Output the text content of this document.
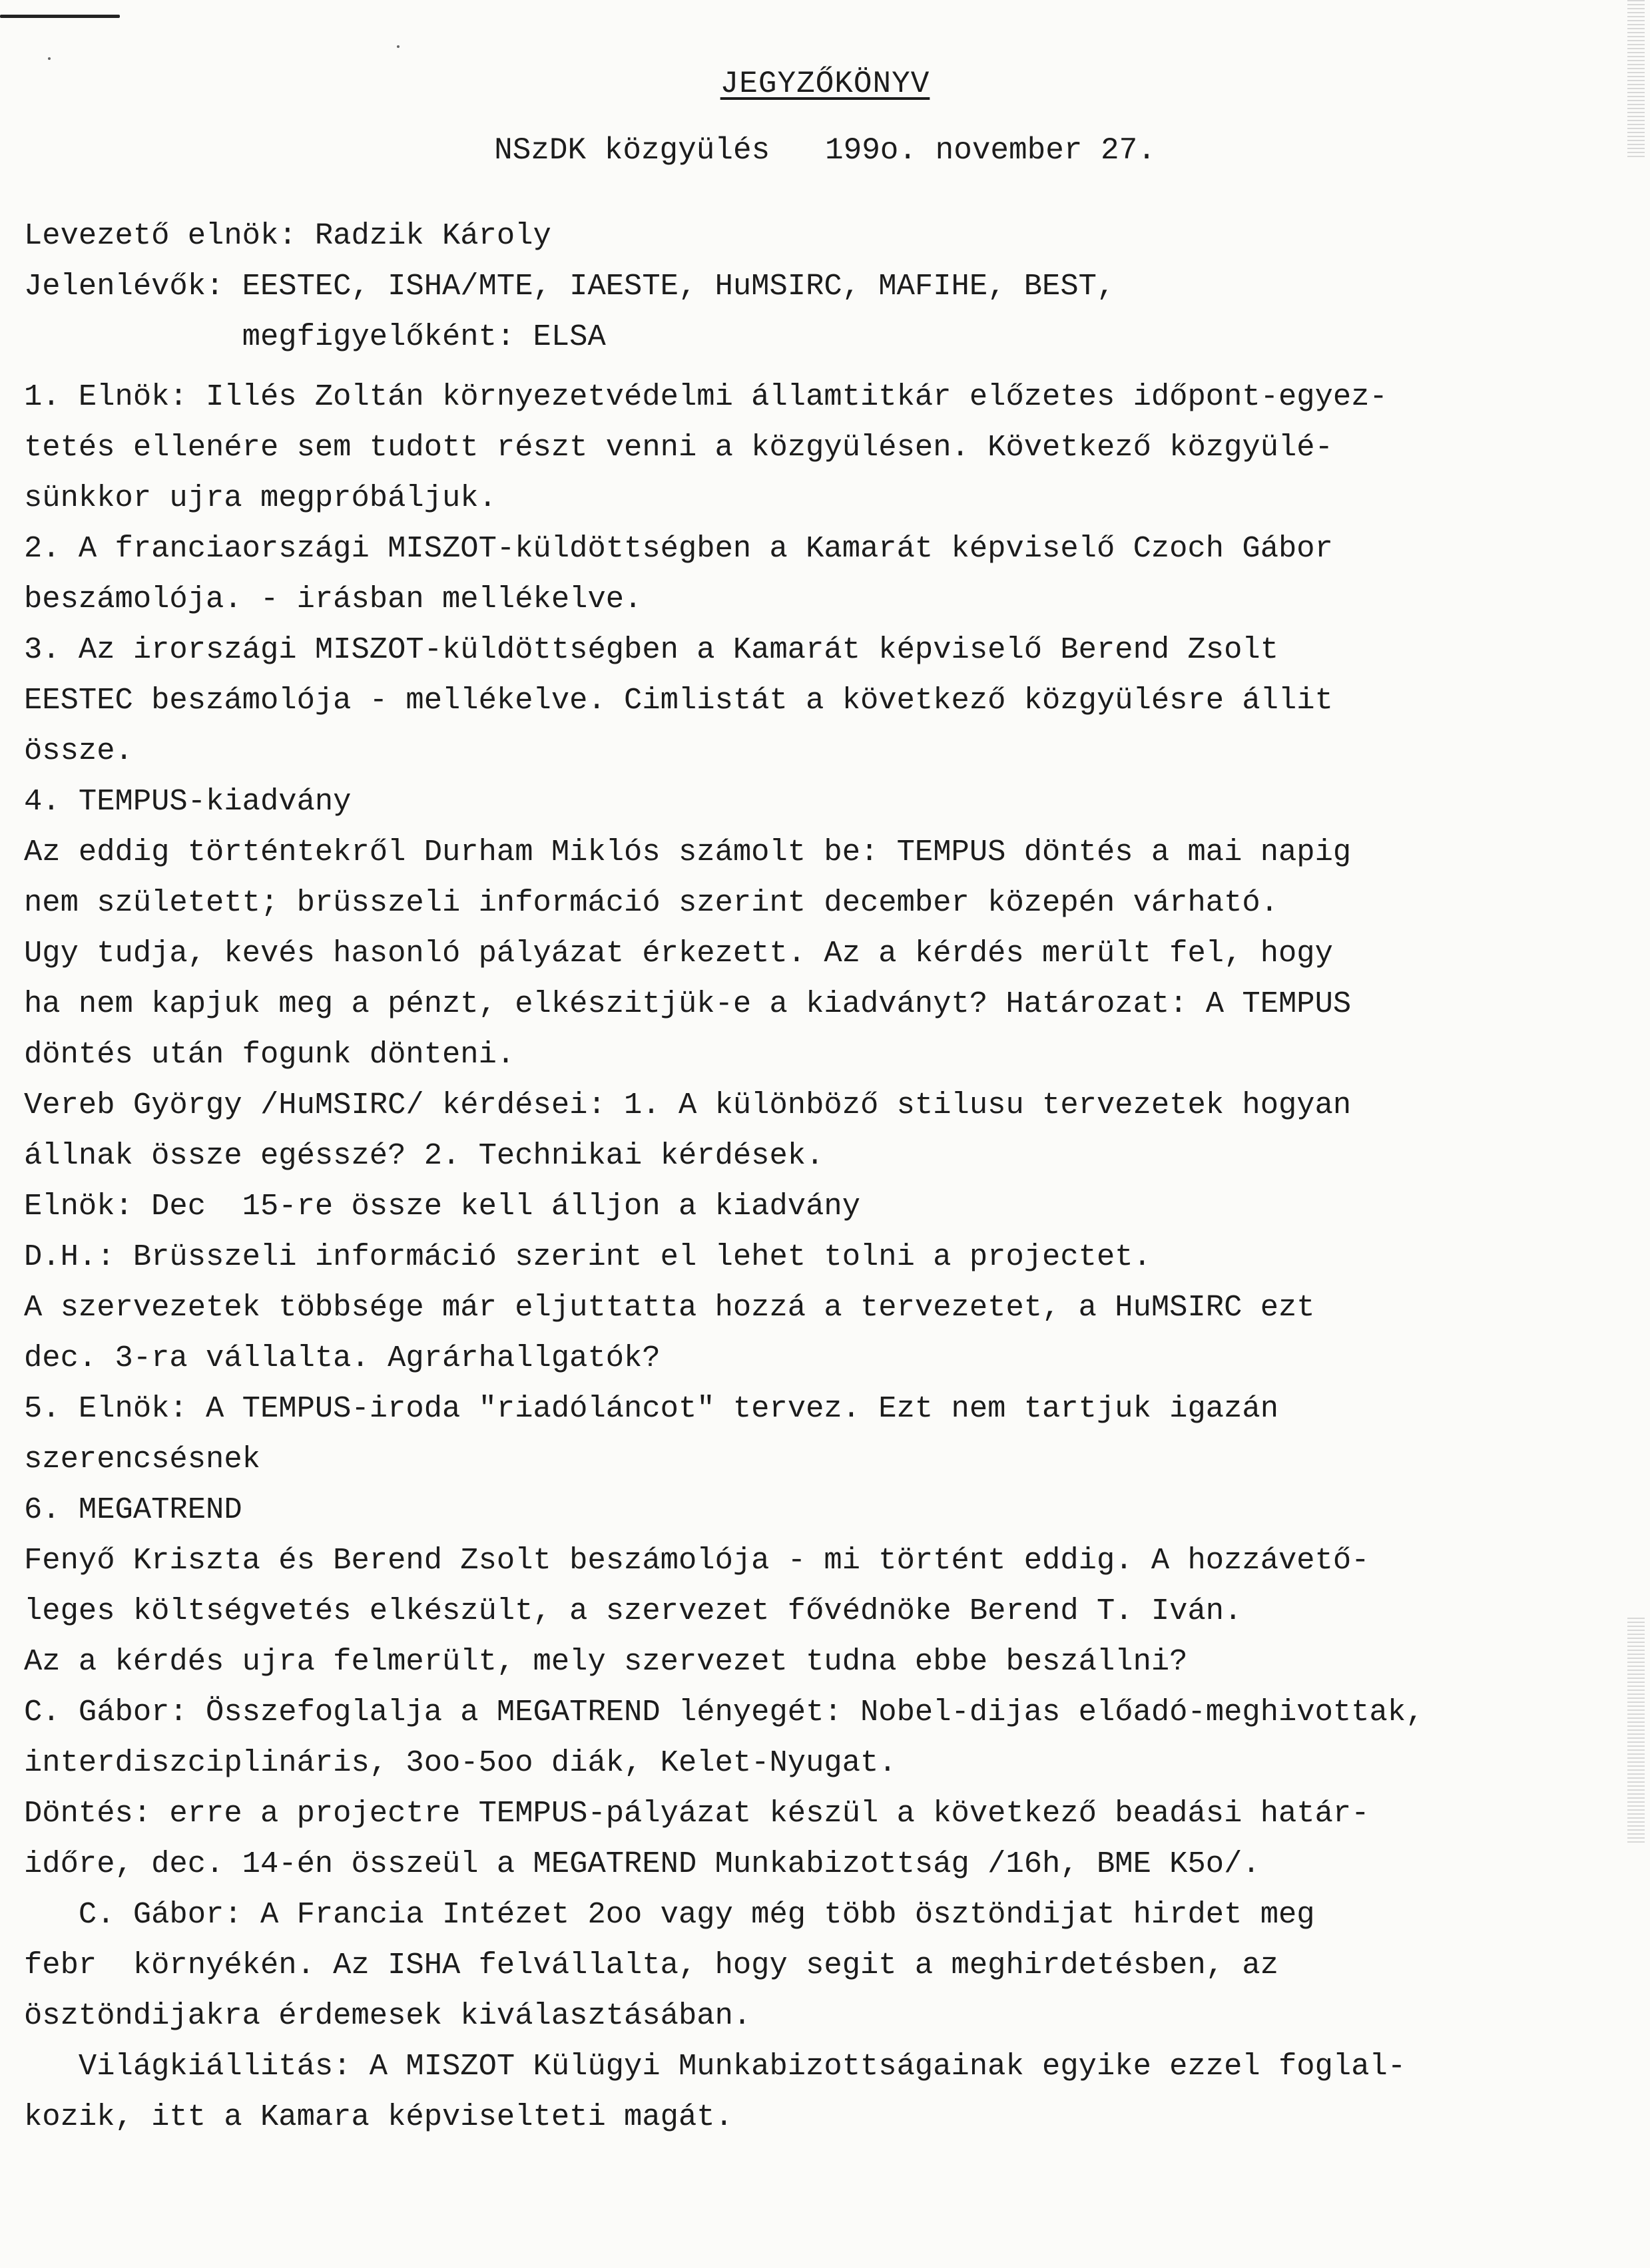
JEGYZŐKÖNYV
NSzDK közgyülés   199o. november 27.
Levezető elnök: Radzik Károly
Jelenlévők: EESTEC, ISHA/MTE, IAESTE, HuMSIRC, MAFIHE, BEST,
megfigyelőként: ELSA
1. Elnök: Illés Zoltán környezetvédelmi államtitkár előzetes időpont-egyez-
tetés ellenére sem tudott részt venni a közgyülésen. Következő közgyülé-
sünkkor ujra megpróbáljuk.
2. A franciaországi MISZOT-küldöttségben a Kamarát képviselő Czoch Gábor
beszámolója. - irásban mellékelve.
3. Az irországi MISZOT-küldöttségben a Kamarát képviselő Berend Zsolt
EESTEC beszámolója - mellékelve. Cimlistát a következő közgyülésre állit
össze.
4. TEMPUS-kiadvány
Az eddig történtekről Durham Miklós számolt be: TEMPUS döntés a mai napig
nem született; brüsszeli információ szerint december közepén várható.
Ugy tudja, kevés hasonló pályázat érkezett. Az a kérdés merült fel, hogy
ha nem kapjuk meg a pénzt, elkészitjük-e a kiadványt? Határozat: A TEMPUS
döntés után fogunk dönteni.
Vereb György /HuMSIRC/ kérdései: 1. A különböző stilusu tervezetek hogyan
állnak össze egésszé? 2. Technikai kérdések.
Elnök: Dec  15-re össze kell álljon a kiadvány
D.H.: Brüsszeli információ szerint el lehet tolni a projectet.
A szervezetek többsége már eljuttatta hozzá a tervezetet, a HuMSIRC ezt
dec. 3-ra vállalta. Agrárhallgatók?
5. Elnök: A TEMPUS-iroda "riadóláncot" tervez. Ezt nem tartjuk igazán
szerencsésnek
6. MEGATREND
Fenyő Kriszta és Berend Zsolt beszámolója - mi történt eddig. A hozzávető-
leges költségvetés elkészült, a szervezet fővédnöke Berend T. Iván.
Az a kérdés ujra felmerült, mely szervezet tudna ebbe beszállni?
C. Gábor: Összefoglalja a MEGATREND lényegét: Nobel-dijas előadó-meghivottak,
interdiszciplináris, 3oo-5oo diák, Kelet-Nyugat.
Döntés: erre a projectre TEMPUS-pályázat készül a következő beadási határ-
időre, dec. 14-én összeül a MEGATREND Munkabizottság /16h, BME K5o/.
C. Gábor: A Francia Intézet 2oo vagy még több ösztöndijat hirdet meg
febr  környékén. Az ISHA felvállalta, hogy segit a meghirdetésben, az
ösztöndijakra érdemesek kiválasztásában.
Világkiállitás: A MISZOT Külügyi Munkabizottságainak egyike ezzel foglal-
kozik, itt a Kamara képviselteti magát.
